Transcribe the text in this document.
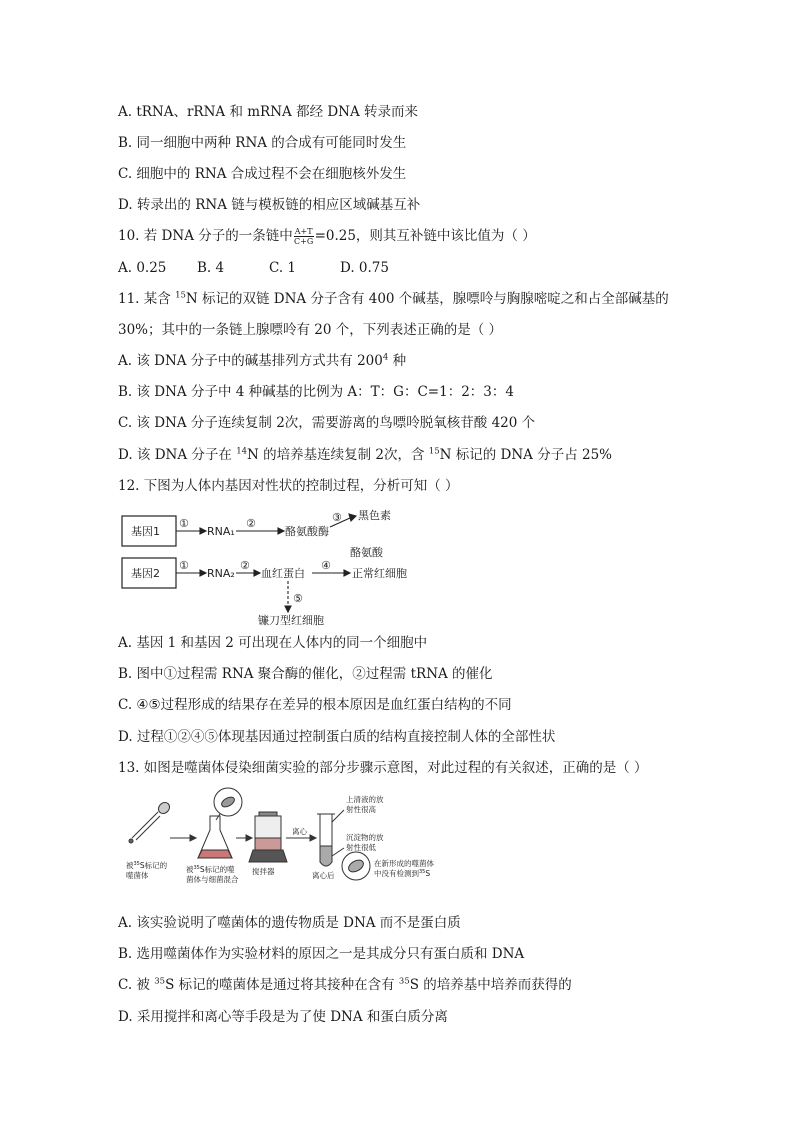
A. tRNA、rRNA 和 mRNA 都经 DNA 转录而来
B. 同一细胞中两种 RNA 的合成有可能同时发生
C. 细胞中的 RNA 合成过程不会在细胞核外发生
D. 转录出的 RNA 链与模板链的相应区域碱基互补
10. 若 DNA 分子的一条链中 $\frac{A+T}{C+G} =0.25$，则其互补链中该比值为（ ）
A. 0.25 B. 4	C. 1	D. 0.75
11. 某含 $^{15}$N 标记的双链 DNA 分子含有 400 个碱基，腺嘌呤与胸腺嘧啶之和占全部碱基的
30%；其中的一条链上腺嘌呤有 20 个，下列表述正确的是（ ）
A. 该 DNA 分子中的碱基排列方式共有 $200^4$ 种
B. 该 DNA 分子中 4 种碱基的比例为 A：T：G：C=1：2：3：4
C. 该 DNA 分子连续复制 2次，需要游离的鸟嘌呤脱氧核苷酸 420 个
D. 该 DNA 分子在 $^{14}$N 的培养基连续复制 2次，含 $^{15}$N 标记的 DNA 分子占 25%
12. 下图为人体内基因对性状的控制过程，分析可知（ ）
基因1
基因2
①
①
RNA₁
RNA₂
②
②
酪氨酸酶
③ 黑色素
酪氨酸
血红蛋白
④
正常红细胞
⑤
镰刀型红细胞
A. 基因 1 和基因 2 可出现在人体内的同一个细胞中
B. 图中①过程需 RNA 聚合酶的催化，②过程需 tRNA 的催化
C. ④⑤过程形成的结果存在差异的根本原因是血红蛋白结构的不同
D. 过程①②④⑤体现基因通过控制蛋白质的结构直接控制人体的全部性状
13. 如图是噬菌体侵染细菌实验的部分步骤示意图，对此过程的有关叙述，正确的是（ ）
被$^{35}$S标记的
噬菌体
被$^{35}$S标记的噬
菌体与细菌混合
搅拌器
离心
离心后
上清液的放
射性很高
沉淀物的放
射性很低
在新形成的噬菌体
中没有检测到$^{35}$S
A. 该实验说明了噬菌体的遗传物质是 DNA 而不是蛋白质
B. 选用噬菌体作为实验材料的原因之一是其成分只有蛋白质和 DNA
C. 被 $^{35}$S 标记的噬菌体是通过将其接种在含有 $^{35}$S 的培养基中培养而获得的
D. 采用搅拌和离心等手段是为了使 DNA 和蛋白质分离
